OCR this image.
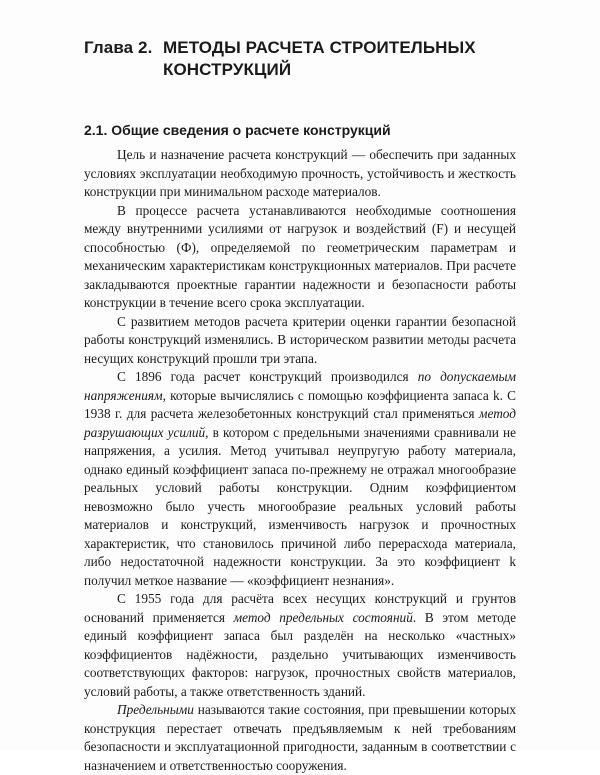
Глава 2. МЕТОДЫ РАСЧЕТА СТРОИТЕЛЬНЫХ КОНСТРУКЦИЙ
2.1. Общие сведения о расчете конструкций

Цель и назначение расчета конструкций — обеспечить при заданных условиях эксплуатации необходимую прочность, устойчивость и жесткость конструкции при минимальном расходе материалов.

В процессе расчета устанавливаются необходимые соотношения между внутренними усилиями от нагрузок и воздействий (F) и несущей способностью (Ф), определяемой по геометрическим параметрам и механическим характеристикам конструкционных материалов. При расчете закладываются проектные гарантии надежности и безопасности работы конструкции в течение всего срока эксплуатации.

С развитием методов расчета критерии оценки гарантии безопасной работы конструкций изменялись. В историческом развитии методы расчета несущих конструкций прошли три этапа.

С 1896 года расчет конструкций производился по допускаемым напряжениям, которые вычислялись с помощью коэффициента запаса k. С 1938 г. для расчета железобетонных конструкций стал применяться метод разрушающих усилий, в котором с предельными значениями сравнивали не напряжения, а усилия. Метод учитывал неупругую работу материала, однако единый коэффициент запаса по-прежнему не отражал многообразие реальных условий работы конструкции. Одним коэффициентом невозможно было учесть многообразие реальных условий работы материалов и конструкций, изменчивость нагрузок и прочностных характеристик, что становилось причиной либо перерасхода материала, либо недостаточной надежности конструкции. За это коэффициент k получил меткое название — «коэффициент незнания».

С 1955 года для расчёта всех несущих конструкций и грунтов оснований применяется метод предельных состояний. В этом методе единый коэффициент запаса был разделён на несколько «частных» коэффициентов надёжности, раздельно учитывающих изменчивость соответствующих факторов: нагрузок, прочностных свойств материалов, условий работы, а также ответственность зданий.

Предельными называются такие состояния, при превышении которых конструкция перестает отвечать предъявляемым к ней требованиям безопасности и эксплуатационной пригодности, заданным в соответствии с назначением и ответственностью сооружения.
